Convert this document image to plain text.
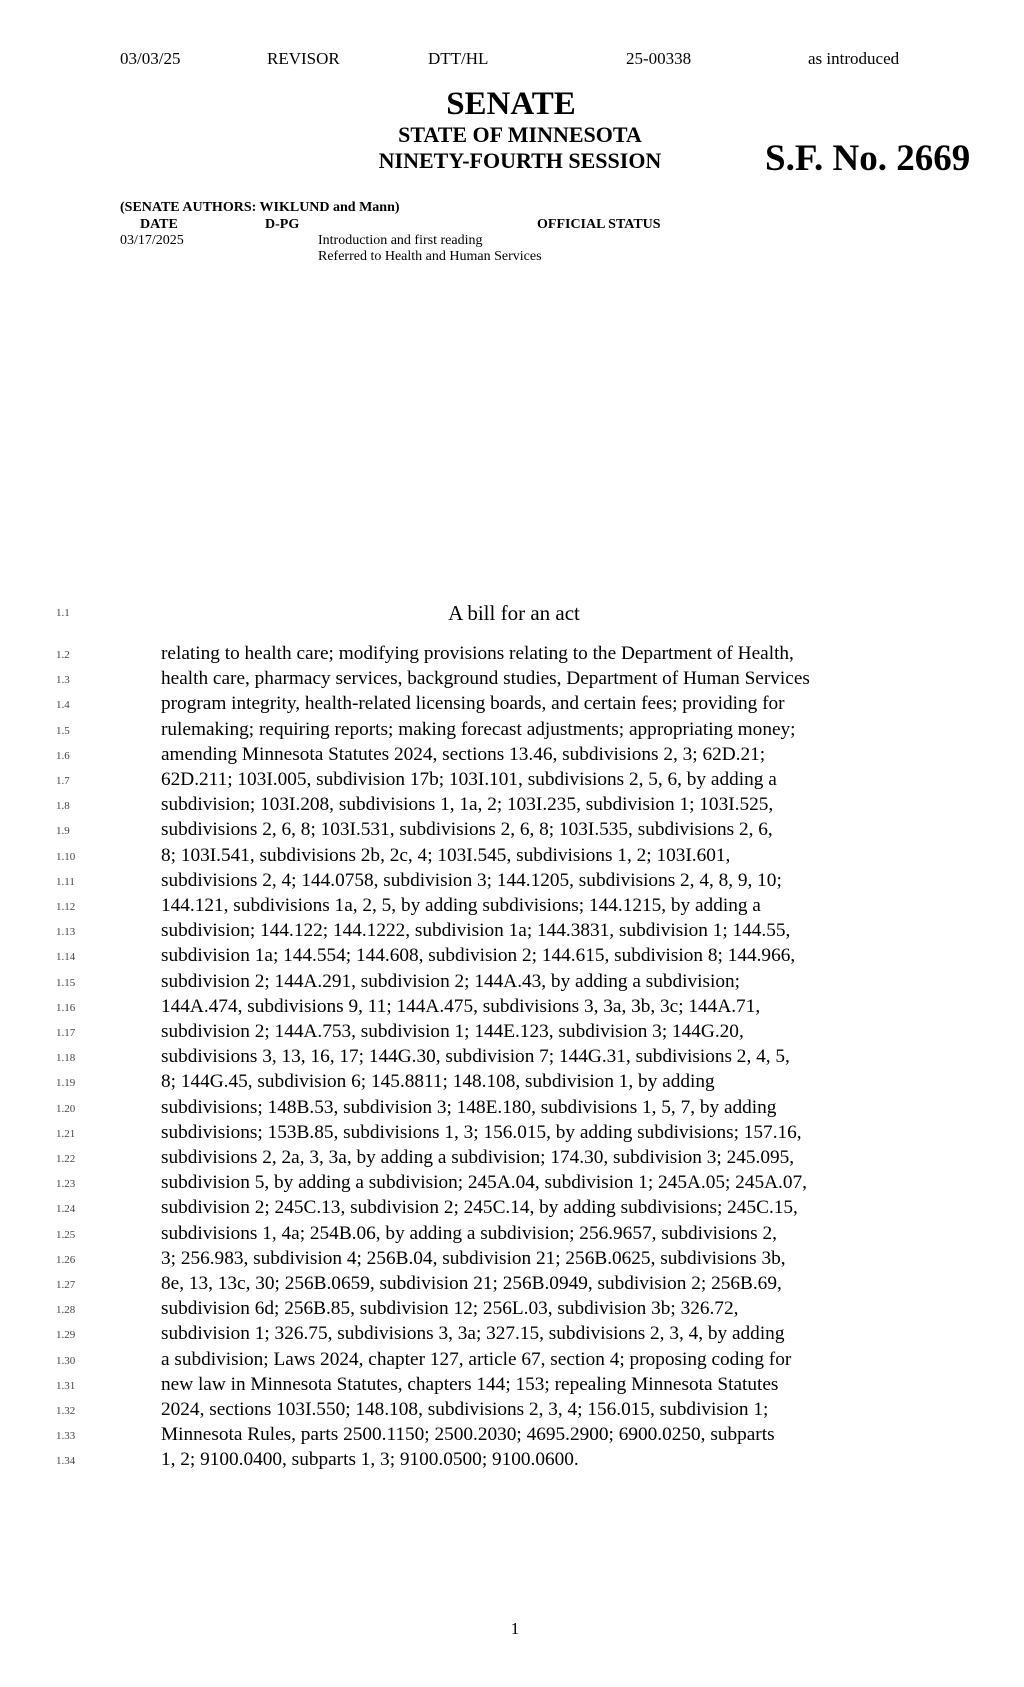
03/03/25	REVISOR	DTT/HL	25-00338	as introduced
SENATE
STATE OF MINNESOTA
NINETY-FOURTH SESSION	S.F. No. 2669
(SENATE AUTHORS: WIKLUND and Mann)
DATE	D-PG	OFFICIAL STATUS
03/17/2025	Introduction and first reading
Referred to Health and Human Services
1.1	A bill for an act
1.2	relating to health care; modifying provisions relating to the Department of Health,
1.3	health care, pharmacy services, background studies, Department of Human Services
1.4	program integrity, health-related licensing boards, and certain fees; providing for
1.5	rulemaking; requiring reports; making forecast adjustments; appropriating money;
1.6	amending Minnesota Statutes 2024, sections 13.46, subdivisions 2, 3; 62D.21;
1.7	62D.211; 103I.005, subdivision 17b; 103I.101, subdivisions 2, 5, 6, by adding a
1.8	subdivision; 103I.208, subdivisions 1, 1a, 2; 103I.235, subdivision 1; 103I.525,
1.9	subdivisions 2, 6, 8; 103I.531, subdivisions 2, 6, 8; 103I.535, subdivisions 2, 6,
1.10	8; 103I.541, subdivisions 2b, 2c, 4; 103I.545, subdivisions 1, 2; 103I.601,
1.11	subdivisions 2, 4; 144.0758, subdivision 3; 144.1205, subdivisions 2, 4, 8, 9, 10;
1.12	144.121, subdivisions 1a, 2, 5, by adding subdivisions; 144.1215, by adding a
1.13	subdivision; 144.122; 144.1222, subdivision 1a; 144.3831, subdivision 1; 144.55,
1.14	subdivision 1a; 144.554; 144.608, subdivision 2; 144.615, subdivision 8; 144.966,
1.15	subdivision 2; 144A.291, subdivision 2; 144A.43, by adding a subdivision;
1.16	144A.474, subdivisions 9, 11; 144A.475, subdivisions 3, 3a, 3b, 3c; 144A.71,
1.17	subdivision 2; 144A.753, subdivision 1; 144E.123, subdivision 3; 144G.20,
1.18	subdivisions 3, 13, 16, 17; 144G.30, subdivision 7; 144G.31, subdivisions 2, 4, 5,
1.19	8; 144G.45, subdivision 6; 145.8811; 148.108, subdivision 1, by adding
1.20	subdivisions; 148B.53, subdivision 3; 148E.180, subdivisions 1, 5, 7, by adding
1.21	subdivisions; 153B.85, subdivisions 1, 3; 156.015, by adding subdivisions; 157.16,
1.22	subdivisions 2, 2a, 3, 3a, by adding a subdivision; 174.30, subdivision 3; 245.095,
1.23	subdivision 5, by adding a subdivision; 245A.04, subdivision 1; 245A.05; 245A.07,
1.24	subdivision 2; 245C.13, subdivision 2; 245C.14, by adding subdivisions; 245C.15,
1.25	subdivisions 1, 4a; 254B.06, by adding a subdivision; 256.9657, subdivisions 2,
1.26	3; 256.983, subdivision 4; 256B.04, subdivision 21; 256B.0625, subdivisions 3b,
1.27	8e, 13, 13c, 30; 256B.0659, subdivision 21; 256B.0949, subdivision 2; 256B.69,
1.28	subdivision 6d; 256B.85, subdivision 12; 256L.03, subdivision 3b; 326.72,
1.29	subdivision 1; 326.75, subdivisions 3, 3a; 327.15, subdivisions 2, 3, 4, by adding
1.30	a subdivision; Laws 2024, chapter 127, article 67, section 4; proposing coding for
1.31	new law in Minnesota Statutes, chapters 144; 153; repealing Minnesota Statutes
1.32	2024, sections 103I.550; 148.108, subdivisions 2, 3, 4; 156.015, subdivision 1;
1.33	Minnesota Rules, parts 2500.1150; 2500.2030; 4695.2900; 6900.0250, subparts
1.34	1, 2; 9100.0400, subparts 1, 3; 9100.0500; 9100.0600.
1
